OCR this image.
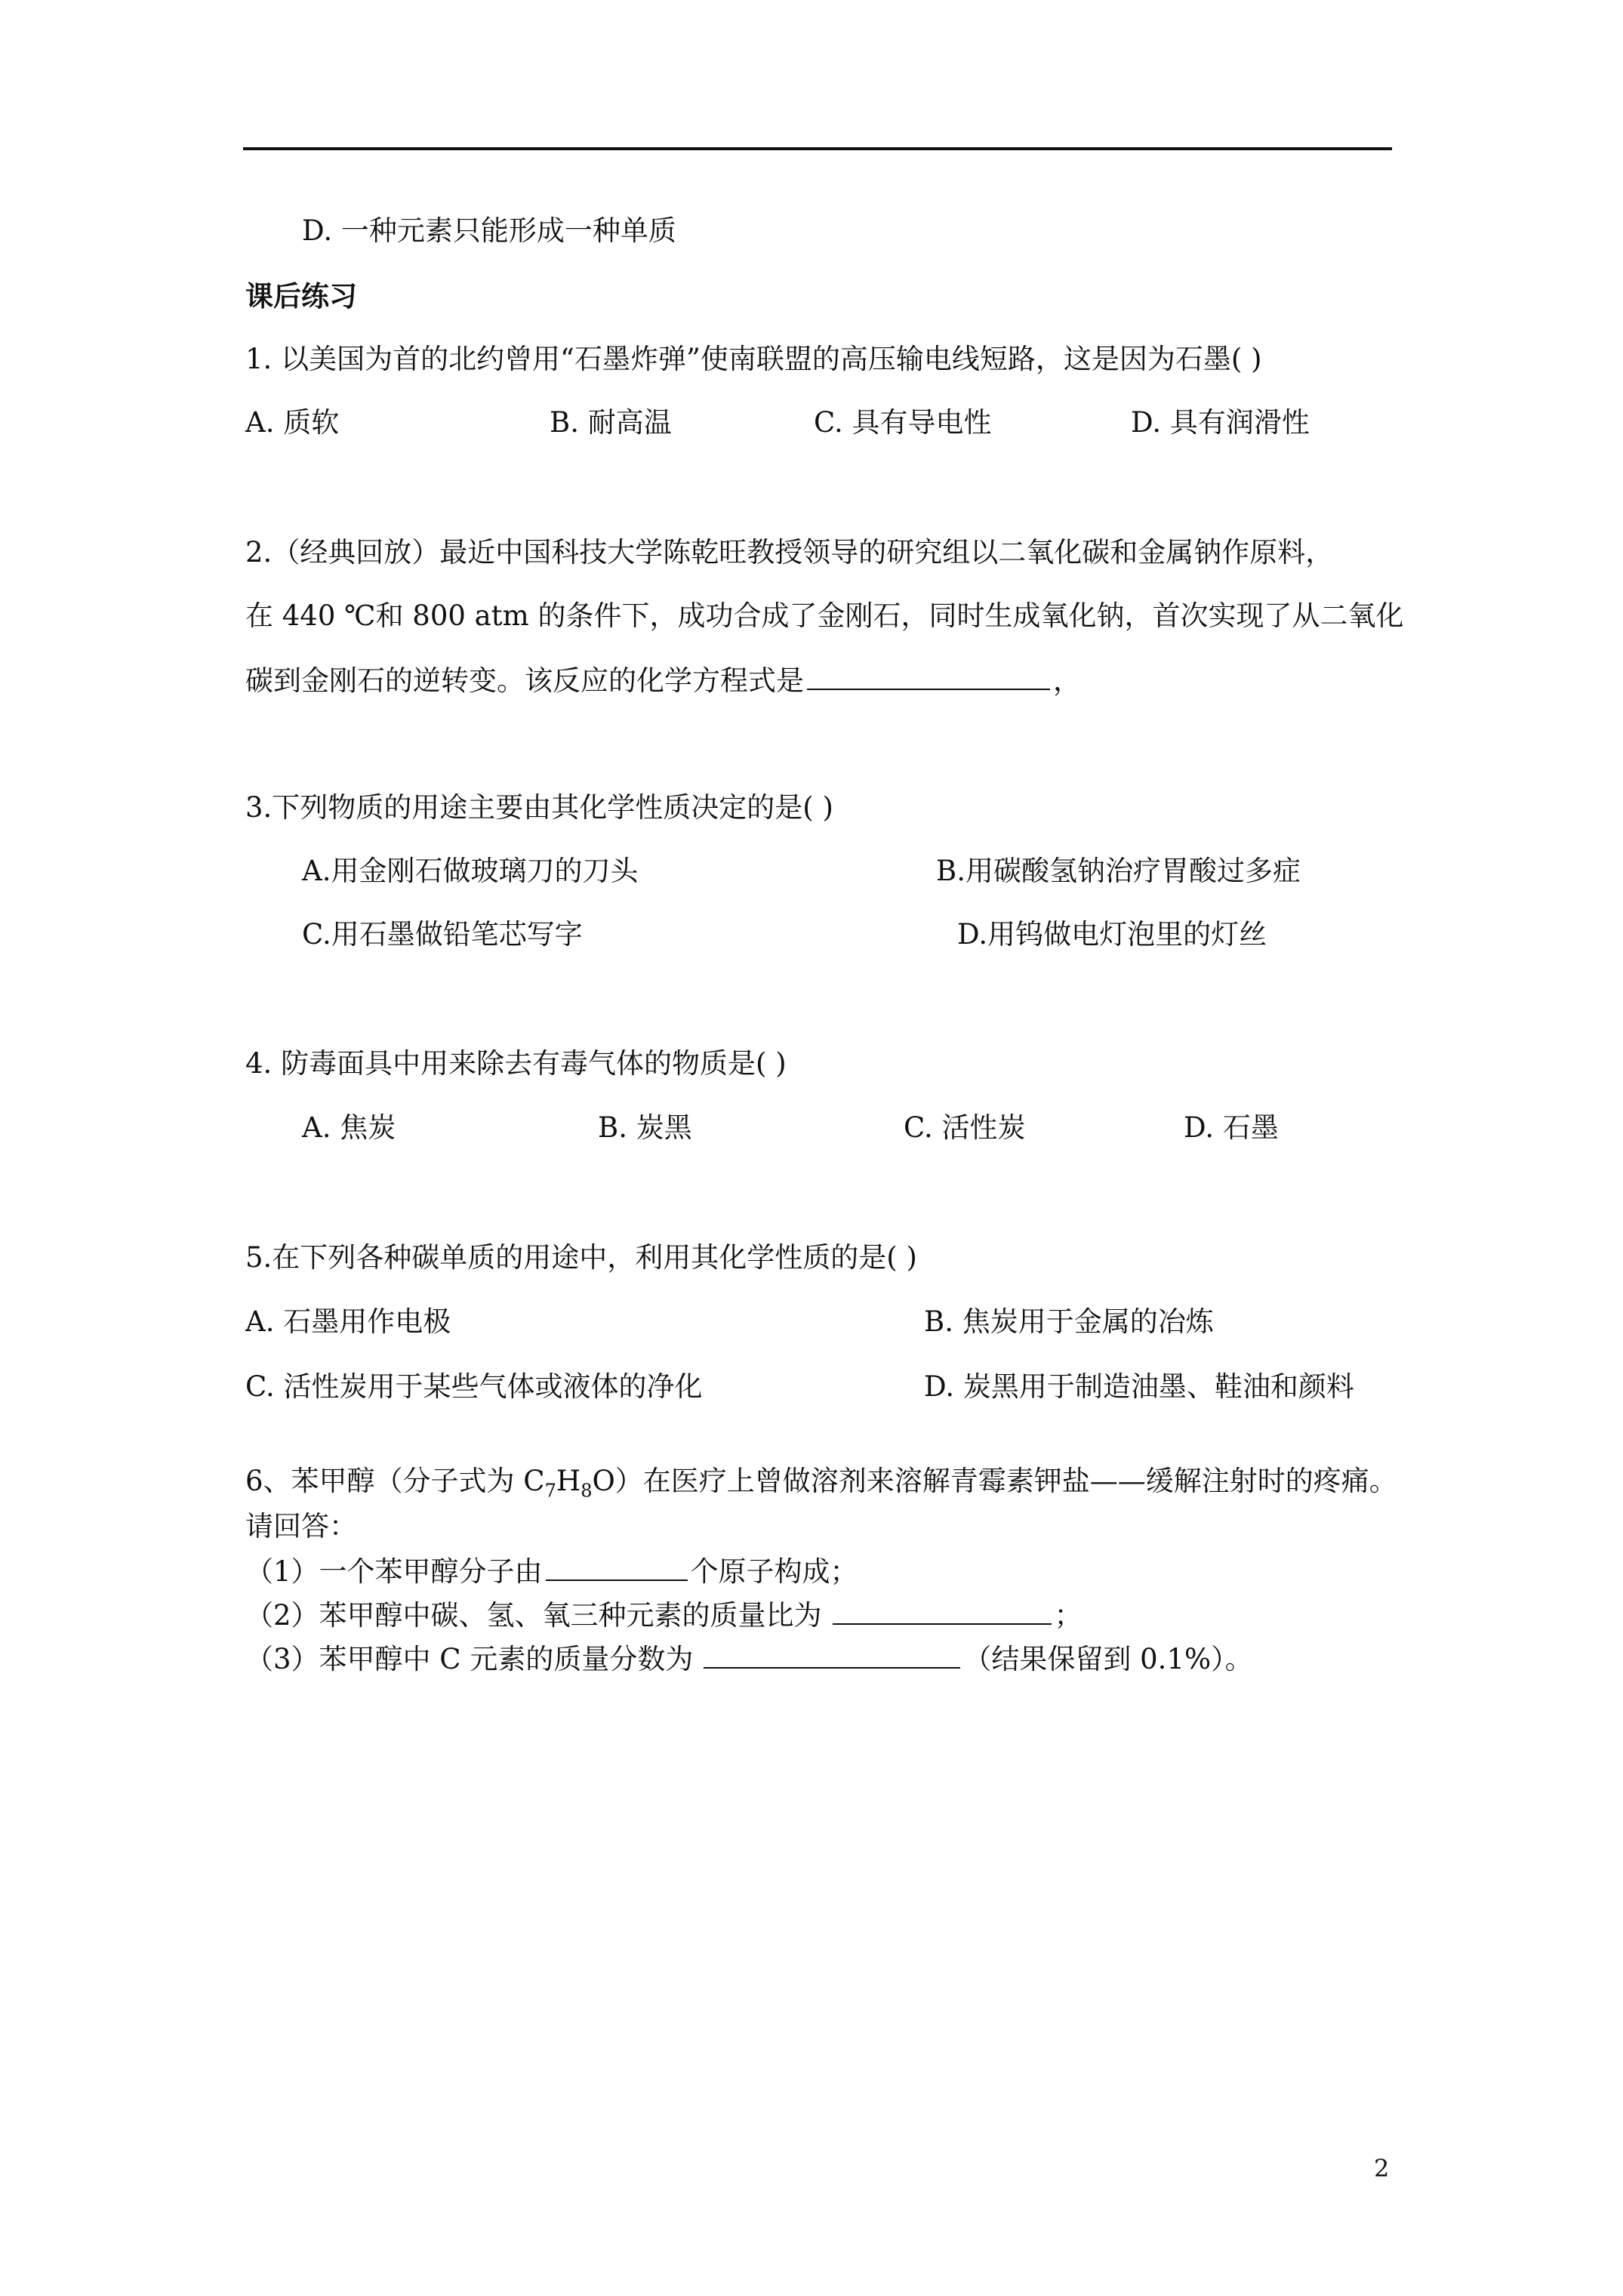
D. 一种元素只能形成一种单质
课后练习
1. 以美国为首的北约曾用“石墨炸弹”使南联盟的高压输电线短路，这是因为石墨( )
A. 质软	B. 耐高温	C. 具有导电性	D. 具有润滑性
2.（经典回放）最近中国科技大学陈乾旺教授领导的研究组以二氧化碳和金属钠作原料，
在 440 ℃和 800 atm 的条件下，成功合成了金刚石，同时生成氧化钠，首次实现了从二氧化
碳到金刚石的逆转变。该反应的化学方程式是	，
3.下列物质的用途主要由其化学性质决定的是( )
A.用金刚石做玻璃刀的刀头	B.用碳酸氢钠治疗胃酸过多症
C.用石墨做铅笔芯写字	D.用钨做电灯泡里的灯丝
4. 防毒面具中用来除去有毒气体的物质是( )
A. 焦炭	B. 炭黑	C. 活性炭	D. 石墨
5.在下列各种碳单质的用途中，利用其化学性质的是( )
A. 石墨用作电极	B. 焦炭用于金属的冶炼
C. 活性炭用于某些气体或液体的净化	D. 炭黑用于制造油墨、鞋油和颜料
6、苯甲醇（分子式为 $C_7H_8O$）在医疗上曾做溶剂来溶解青霉素钾盐——缓解注射时的疼痛。
请回答：
（1）一个苯甲醇分子由	个原子构成；
（2）苯甲醇中碳、氢、氧三种元素的质量比为	；
（3）苯甲醇中 C 元素的质量分数为	（结果保留到 0.1%）。
2
